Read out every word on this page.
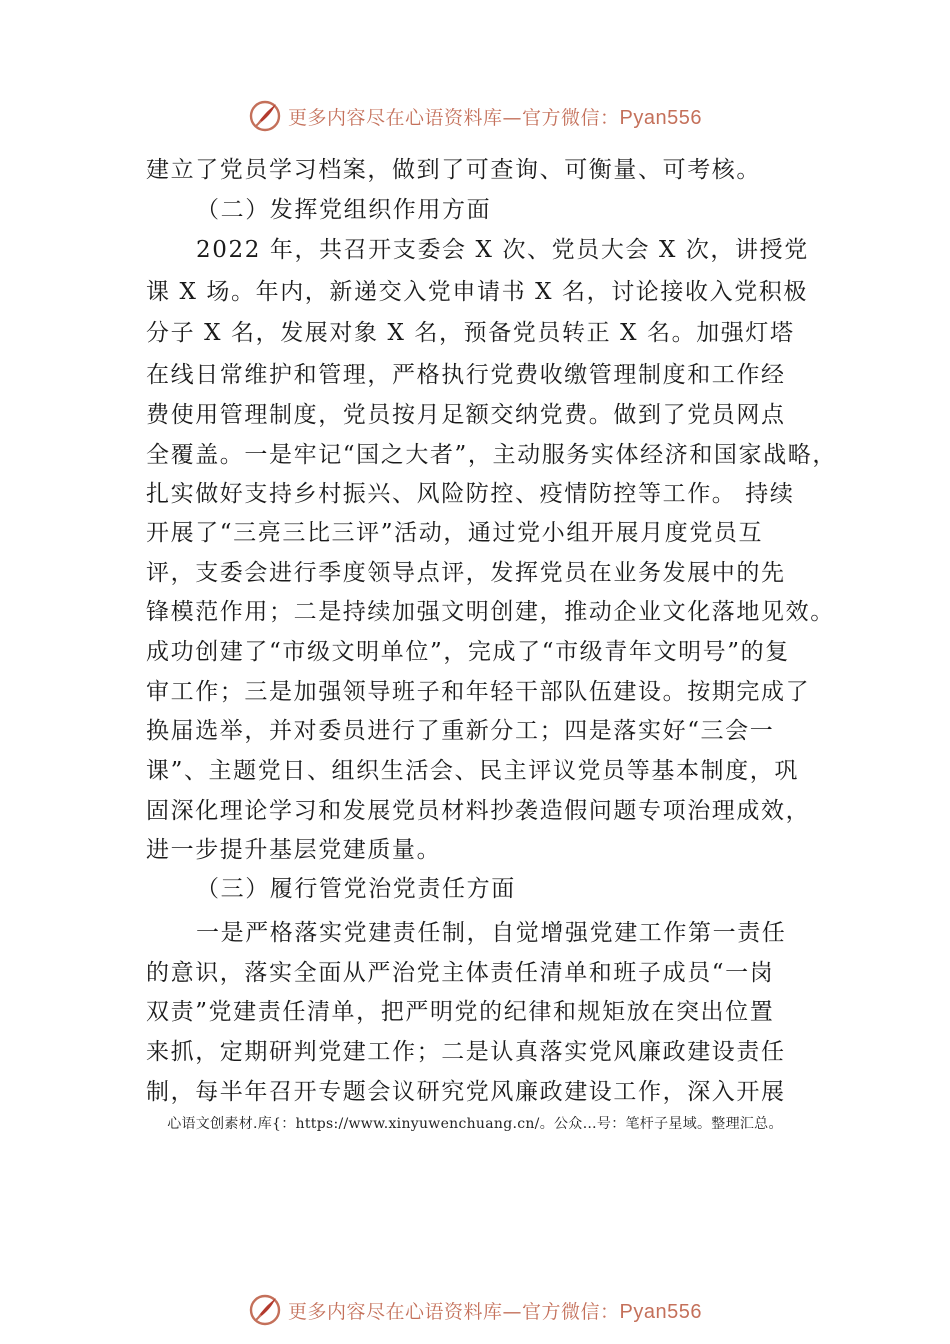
更多内容尽在心语资料库—官方微信：Pyan556
建立了党员学习档案，做到了可查询、可衡量、可考核。
（二）发挥党组织作用方面
2022 年，共召开支委会 X 次、党员大会 X 次，讲授党
课 X 场。年内，新递交入党申请书 X 名，讨论接收入党积极
分子 X 名，发展对象 X 名，预备党员转正 X 名。加强灯塔
在线日常维护和管理，严格执行党费收缴管理制度和工作经
费使用管理制度，党员按月足额交纳党费。做到了党员网点
全覆盖。一是牢记“国之大者”，主动服务实体经济和国家战略，
扎实做好支持乡村振兴、风险防控、疫情防控等工作。 持续
开展了“三亮三比三评”活动，通过党小组开展月度党员互
评，支委会进行季度领导点评，发挥党员在业务发展中的先
锋模范作用；二是持续加强文明创建，推动企业文化落地见效。
成功创建了“市级文明单位”，完成了“市级青年文明号”的复
审工作；三是加强领导班子和年轻干部队伍建设。按期完成了
换届选举，并对委员进行了重新分工；四是落实好“三会一
课”、主题党日、组织生活会、民主评议党员等基本制度，巩
固深化理论学习和发展党员材料抄袭造假问题专项治理成效，
进一步提升基层党建质量。
（三）履行管党治党责任方面
一是严格落实党建责任制，自觉增强党建工作第一责任
的意识，落实全面从严治党主体责任清单和班子成员“一岗
双责”党建责任清单，把严明党的纪律和规矩放在突出位置
来抓，定期研判党建工作；二是认真落实党风廉政建设责任
制，每半年召开专题会议研究党风廉政建设工作，深入开展
心语文创素材.库{：https://www.xinyuwenchuang.cn/。公众…号：笔杆子星域。整理汇总。
更多内容尽在心语资料库—官方微信：Pyan556
